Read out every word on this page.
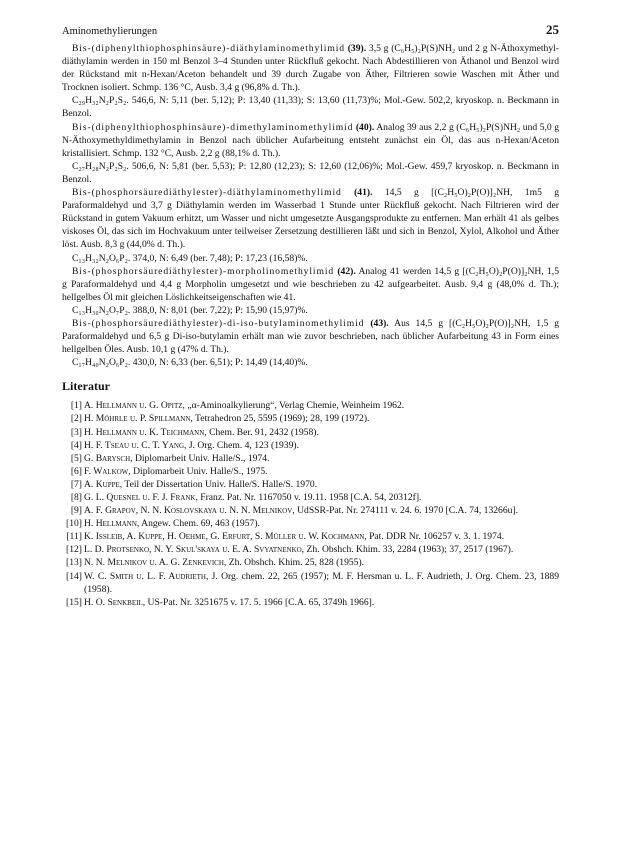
Aminomethylierungen	25

Bis-(diphenylthiophosphinsäure)-diäthylaminomethylimid (39). 3,5 g (C₆H₅)₂P(S)NH₂ und 2 g N-Äthoxymethyl-diäthylamin werden in 150 ml Benzol 3–4 Stunden unter Rückfluß gekocht. Nach Abdestillieren von Äthanol und Benzol wird der Rückstand mit n-Hexan/Aceton behandelt und 39 durch Zugabe von Äther, Filtrieren sowie Waschen mit Äther und Trocknen isoliert. Schmp. 136 °C, Ausb. 3,4 g (96,8% d. Th.).

C₂₉H₃₂N₂P₂S₂. 546,6, N: 5,11 (ber. 5,12); P: 13,40 (11,33); S: 13,60 (11,73)%; Mol.-Gew. 502,2, kryoskop. n. Beckmann in Benzol.

Bis-(diphenylthiophosphinsäure)-dimethylaminomethylimid (40). Analog 39 aus 2,2 g (C₆H₅)₂P(S)NH₂ und 5,0 g N-Äthoxymethyldimethylamin in Benzol nach üblicher Aufarbeitung entsteht zunächst ein Öl, das aus n-Hexan/Aceton kristallisiert. Schmp. 132 °C, Ausb. 2,2 g (88,1% d. Th.).

C₂₇H₂₈N₂P₂S₂. 506,6, N: 5,81 (ber. 5,53); P: 12,80 (12,23); S: 12,60 (12,06)%; Mol.-Gew. 459,7 kryoskop. n. Beckmann in Benzol.

Bis-(phosphorsäurediäthylester)-diäthylaminomethylimid (41). 14,5 g [(C₂H₅O)₂P(O)]₂NH, 1m5 g Paraformaldehyd und 3,7 g Diäthylamin werden im Wasserbad 1 Stunde unter Rückfluß gekocht. Nach Filtrieren wird der Rückstand in gutem Vakuum erhitzt, um Wasser und nicht umgesetzte Ausgangsprodukte zu entfernen. Man erhält 41 als gelbes viskoses Öl, das sich im Hochvakuum unter teilweiser Zersetzung destillieren läßt und sich in Benzol, Xylol, Alkohol und Äther löst. Ausb. 8,3 g (44,0% d. Th.).

C₁₃H₃₂N₂O₆P₂. 374,0, N: 6,49 (ber. 7,48); P: 17,23 (16,58)%.

Bis-(phosphorsäurediäthylester)-morpholinomethylimid (42). Analog 41 werden 14,5 g [(C₂H₅O)₂P(O)]₂NH, 1,5 g Paraformaldehyd und 4,4 g Morpholin umgesetzt und wie beschrieben zu 42 aufgearbeitet. Ausb. 9,4 g (48,0% d. Th.); hellgelbes Öl mit gleichen Löslichkeitseigenschaften wie 41.

C₁₃H₃₀N₂O₇P₂. 388,0, N: 8,01 (ber. 7,22); P: 15,90 (15,97)%.

Bis-(phosphorsäurediäthylester)-di-iso-butylaminomethylimid (43). Aus 14,5 g [(C₂H₅O)₂P(O)]₂NH, 1,5 g Paraformaldehyd und 6,5 g Di-iso-butylamin erhält man wie zuvor beschrieben, nach üblicher Aufarbeitung 43 in Form eines hellgelben Öles. Ausb. 10,1 g (47% d. Th.).

C₁₇H₄₀N₂O₆P₂. 430,0, N: 6,33 (ber. 6,51); P: 14,49 (14,40)%.

Literatur
[1] A. Hellmann u. G. Opitz, „α-Aminoalkylierung“, Verlag Chemie, Weinheim 1962.
[2] H. Möhrle u. P. Spillmann, Tetrahedron 25, 5595 (1969); 28, 199 (1972).
[3] H. Hellmann u. K. Teichmann, Chem. Ber. 91, 2432 (1958).
[4] H. F. Tseau u. C. T. Yang, J. Org. Chem. 4, 123 (1939).
[5] G. Barysch, Diplomarbeit Univ. Halle/S., 1974.
[6] F. Walkow, Diplomarbeit Univ. Halle/S., 1975.
[7] A. Kuppe, Teil der Dissertation Univ. Halle/S. Halle/S. 1970.
[8] G. L. Quesnel u. F. J. Frank, Franz. Pat. Nr. 1167050 v. 19.11. 1958 [C.A. 54, 20312f].
[9] A. F. Grapov, N. N. Koslovskaya u. N. N. Melnikov, UdSSR-Pat. Nr. 274111 v. 24. 6. 1970 [C.A. 74, 13266u].
[10] H. Hellmann, Angew. Chem. 69, 463 (1957).
[11] K. Issleib, A. Kuppe, H. Oehme, G. Erfurt, S. Müller u. W. Kochmann, Pat. DDR Nr. 106257 v. 3. 1. 1974.
[12] L. D. Protsenko, N. Y. Skul'skaya u. E. A. Svyatnenko, Zh. Obshch. Khim. 33, 2284 (1963); 37, 2517 (1967).
[13] N. N. Melnikov u. A. G. Zenkevich, Zh. Obshch. Khim. 25, 828 (1955).
[14] W. C. Smith u. L. F. Audrieth, J. Org. chem. 22, 265 (1957); M. F. Hersman u. L. F. Audrieth, J. Org. Chem. 23, 1889 (1958).
[15] H. O. Senkbeil, US-Pat. Nr. 3251675 v. 17. 5. 1966 [C.A. 65, 3749h 1966].
